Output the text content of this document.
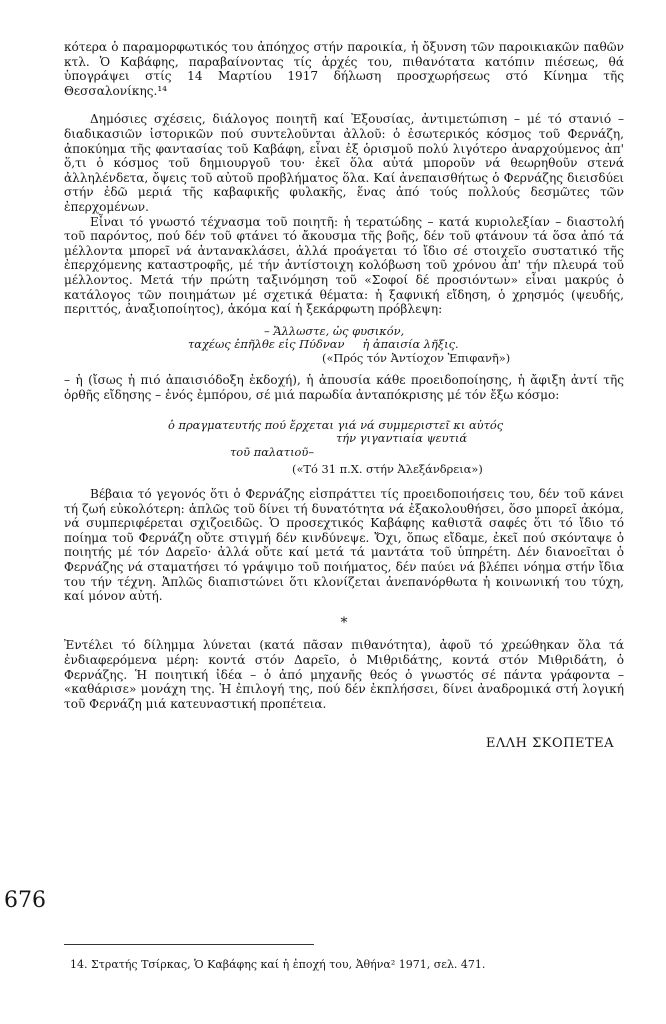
κότερα ὁ παραμορφωτικός του ἀπόηχος στήν παροικία, ἡ ὄξυνση τῶν παροικιακῶν παθῶν κτλ. Ὁ Καβάφης, παραβαίνοντας τίς ἀρχές του, πιθανότατα κατόπιν πιέσεως, θά ὑπογράψει στίς 14 Μαρτίου 1917 δήλωση προσχωρήσεως στό Κίνημα τῆς Θεσσαλονίκης.¹⁴

Δημόσιες σχέσεις, διάλογος ποιητῆ καί Ἐξουσίας, ἀντιμετώπιση – μέ τό στανιό – διαδικασιῶν ἱστορικῶν πού συντελοῦνται ἀλλοῦ: ὁ ἐσωτερικός κόσμος τοῦ Φερνάζη, ἀποκύημα τῆς φαντασίας τοῦ Καβάφη, εἶναι ἐξ ὁρισμοῦ πολύ λιγότερο ἀναρχούμενος ἀπ' ὅ,τι ὁ κόσμος τοῦ δημιουργοῦ του· ἐκεῖ ὅλα αὐτά μποροῦν νά θεωρηθοῦν στενά ἀλληλένδετα, ὄψεις τοῦ αὐτοῦ προβλήματος ὅλα. Καί ἀνεπαισθήτως ὁ Φερνάζης διεισδύει στήν ἐδῶ μεριά τῆς καβαφικῆς φυλακῆς, ἕνας ἀπό τούς πολλούς δεσμῶτες τῶν ἐπερχομένων.

Εἶναι τό γνωστό τέχνασμα τοῦ ποιητῆ: ἡ τερατώδης – κατά κυριολεξίαν – διαστολή τοῦ παρόντος, πού δέν τοῦ φτάνει τό ἄκουσμα τῆς βοῆς, δέν τοῦ φτάνουν τά ὅσα ἀπό τά μέλλοντα μπορεῖ νά ἀντανακλάσει, ἀλλά προάγεται τό ἴδιο σέ στοιχεῖο συστατικό τῆς ἐπερχόμενης καταστροφῆς, μέ τήν ἀντίστοιχη κολόβωση τοῦ χρόνου ἀπ' τήν πλευρά τοῦ μέλλοντος. Μετά τήν πρώτη ταξινόμηση τοῦ «Σοφοί δέ προσιόντων» εἶναι μακρύς ὁ κατάλογος τῶν ποιημάτων μέ σχετικά θέματα: ἡ ξαφνική εἴδηση, ὁ χρησμός (ψευδής, περιττός, ἀναξιοποίητος), ἀκόμα καί ἡ ξεκάρφωτη πρόβλεψη:

– Ἄλλωστε, ὡς φυσικόν,
ταχέως ἐπῆλθε εἰς Πύδναν     ἡ ἀπαισία λῆξις.
(«Πρός τόν Ἀντίοχον Ἐπιφανῆ»)

– ἡ (ἴσως ἡ πιό ἀπαισιόδοξη ἐκδοχή), ἡ ἀπουσία κάθε προειδοποίησης, ἡ ἄφιξη ἀντί τῆς ὀρθῆς εἴδησης – ἑνός ἐμπόρου, σέ μιά παρωδία ἀνταπόκρισης μέ τόν ἔξω κόσμο:

ὁ πραγματευτής πού ἔρχεται γιά νά συμμεριστεῖ κι αὐτός
τήν γιγαντιαία ψευτιά
τοῦ παλατιοῦ–
(«Τό 31 π.Χ. στήν Ἀλεξάνδρεια»)

Βέβαια τό γεγονός ὅτι ὁ Φερνάζης εἰσπράττει τίς προειδοποιήσεις του, δέν τοῦ κάνει τή ζωή εὐκολότερη: ἁπλῶς τοῦ δίνει τή δυνατότητα νά ἐξακολουθήσει, ὅσο μπορεῖ ἀκόμα, νά συμπεριφέρεται σχιζοειδῶς. Ὁ προσεχτικός Καβάφης καθιστᾶ σαφές ὅτι τό ἴδιο τό ποίημα τοῦ Φερνάζη οὔτε στιγμή δέν κινδύνεψε. Ὄχι, ὅπως εἴδαμε, ἐκεῖ πού σκόνταψε ὁ ποιητής μέ τόν Δαρεῖο· ἀλλά οὔτε καί μετά τά μαντάτα τοῦ ὑπηρέτη. Δέν διανοεῖται ὁ Φερνάζης νά σταματήσει τό γράψιμο τοῦ ποιήματος, δέν παύει νά βλέπει νόημα στήν ἴδια του τήν τέχνη. Ἁπλῶς διαπιστώνει ὅτι κλονίζεται ἀνεπανόρθωτα ἡ κοινωνική του τύχη, καί μόνον αὐτή.

*

Ἐντέλει τό δίλημμα λύνεται (κατά πᾶσαν πιθανότητα), ἀφοῦ τό χρεώθηκαν ὅλα τά ἐνδιαφερόμενα μέρη: κοντά στόν Δαρεῖο, ὁ Μιθριδάτης, κοντά στόν Μιθριδάτη, ὁ Φερνάζης. Ἡ ποιητική ἰδέα – ὁ ἀπό μηχανῆς θεός ὁ γνωστός σέ πάντα γράφοντα – «καθάρισε» μονάχη της. Ἡ ἐπιλογή της, πού δέν ἐκπλήσσει, δίνει ἀναδρομικά στή λογική τοῦ Φερνάζη μιά κατευναστική προπέτεια.

ΕΛΛΗ ΣΚΟΠΕΤΕΑ
676
14. Στρατής Τσίρκας, Ὁ Καβάφης καί ἡ ἐποχή του, Ἀθήνα² 1971, σελ. 471.
